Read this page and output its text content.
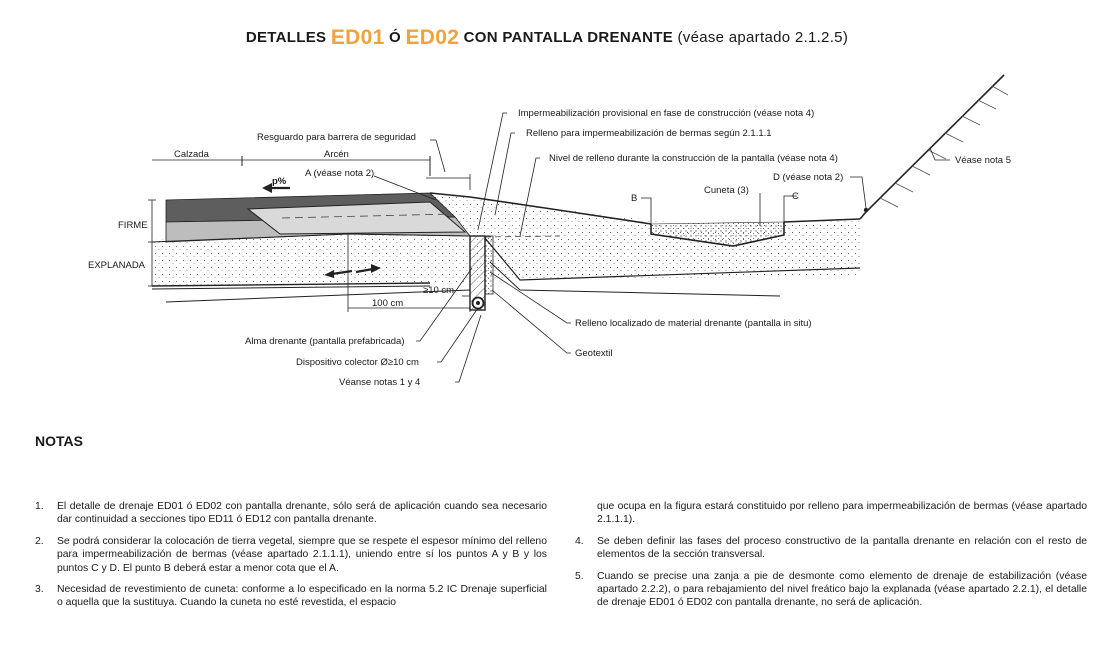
DETALLES ED01 Ó ED02 CON PANTALLA DRENANTE (véase apartado 2.1.2.5)
Impermeabilización provisional en fase de construcción (véase nota 4)
Relleno para impermeabilización de bermas según 2.1.1.1
Nivel de relleno durante la construcción de la pantalla (véase nota 4)
Resguardo para barrera de seguridad
Calzada	Arcén
A (véase nota 2)
p%
FIRME
EXPLANADA
≥10 cm
100 cm
B
Cuneta (3)
C
D (véase nota 2)
Véase nota 5
Alma drenante (pantalla prefabricada)
Dispositivo colector Ø≥10 cm
Véanse notas 1 y 4
Relleno localizado de material drenante (pantalla in situ)
Geotextil
NOTAS
1. El detalle de drenaje ED01 ó ED02 con pantalla drenante, sólo será de aplicación cuando sea necesario dar continuidad a secciones tipo ED11 ó ED12 con pantalla drenante.
2. Se podrá considerar la colocación de tierra vegetal, siempre que se respete el espesor mínimo del relleno para impermeabilización de bermas (véase apartado 2.1.1.1), uniendo entre sí los puntos A y B y los puntos C y D. El punto B deberá estar a menor cota que el A.
3. Necesidad de revestimiento de cuneta: conforme a lo especificado en la norma 5.2 IC Drenaje superficial o aquella que la sustituya. Cuando la cuneta no esté revestida, el espacio
que ocupa en la figura estará constituido por relleno para impermeabilización de bermas (véase apartado 2.1.1.1).
4. Se deben definir las fases del proceso constructivo de la pantalla drenante en relación con el resto de elementos de la sección transversal.
5. Cuando se precise una zanja a pie de desmonte como elemento de drenaje de estabilización (véase apartado 2.2.2), o para rebajamiento del nivel freático bajo la explanada (véase apartado 2.2.1), el detalle de drenaje ED01 ó ED02 con pantalla drenante, no será de aplicación.
